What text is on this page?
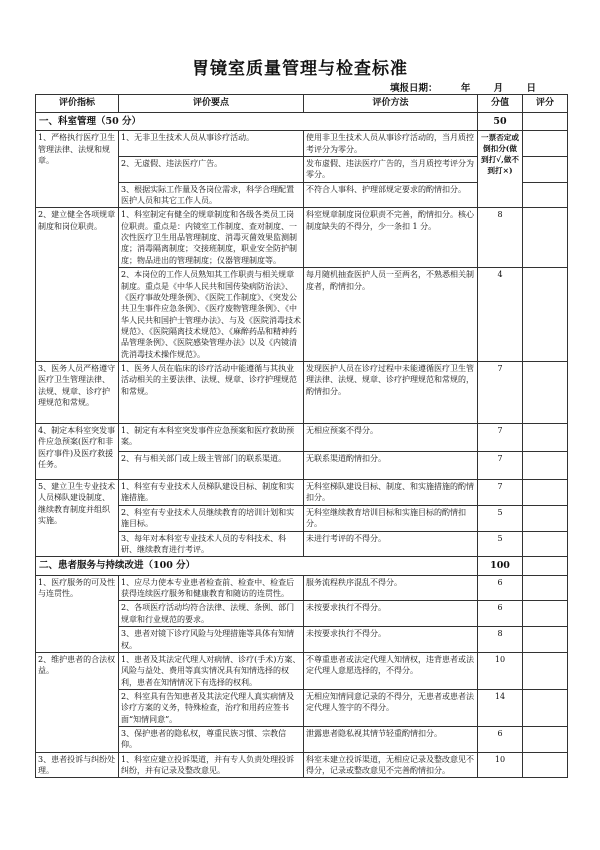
胃镜室质量管理与检查标准
填报日期： 年 月 日
评价指标	评价要点	评价方法	分值	评分
一、科室管理（50 分）			50	
1、严格执行医疗卫生管理法律、法规和规章。	1、无非卫生技术人员从事诊疗活动。	使用非卫生技术人员从事诊疗活动的，当月质控考评分为零分。	一票否定或倒扣分(做到打√,做不到打×)	
	2、无虚假、违法医疗广告。	发布虚假、违法医疗广告的，当月质控考评分为零分。		
	3、根据实际工作量及各岗位需求，科学合理配置医护人员和其它工作人员。	不符合人事科、护理部规定要求的酌情扣分。		
2、建立健全各项规章制度和岗位职责。	1、科室制定有健全的规章制度和各级各类员工岗位职责。重点是：内镜室工作制度、查对制度、一次性医疗卫生用品管理制度、消毒灭菌效果监测制度；消毒隔离制度；交接班制度，职业安全防护制度；物品进出的管理制度；仪器管理制度等。	科室规章制度岗位职责不完善，酌情扣分。核心制度缺失的不得分，少一条扣 1 分。	8	
	2、本岗位的工作人员熟知其工作职责与相关规章制度。重点是《中华人民共和国传染病防治法》、《医疗事故处理条例》、《医院工作制度》、《突发公共卫生事件应急条例》、《医疗废物管理条例》、《中华人民共和国护士管理办法》、与及《医院消毒技术规范》、《医院隔离技术规范》、《麻醉药品和精神药品管理条例》、《医院感染管理办法》以及《内镜清洗消毒技术操作规范》。	每月随机抽查医护人员一至两名，不熟悉相关制度者，酌情扣分。	4	
3、医务人员严格遵守医疗卫生管理法律、法规、规章、诊疗护理规范和常规。	1、医务人员在临床的诊疗活动中能遵循与其执业活动相关的主要法律、法规、规章、诊疗护理规范和常规。	发现医护人员在诊疗过程中未能遵循医疗卫生管理法律、法规、规章、诊疗护理规范和常规的，酌情扣分。	7	
4、制定本科室突发事件应急预案(医疗和非医疗事件)及医疗救援任务。	1、制定有本科室突发事件应急预案和医疗救助预案。	无相应预案不得分。	7	
	2、有与相关部门或上级主管部门的联系渠道。	无联系渠道酌情扣分。	7	
5、建立卫生专业技术人员梯队建设制度、继续教育制度并组织实施。	1、科室有专业技术人员梯队建设目标、制度和实施措施。	无科室梯队建设目标、制度、和实施措施的酌情扣分。	7	
	2、科室有专业技术人员继续教育的培训计划和实施目标。	无科室继续教育培训目标和实施目标的酌情扣分。	5	
	3、每年对本科室专业技术人员的专科技术、科研、继续教育进行考评。	未进行考评的不得分。	5	
二、患者服务与持续改进（100 分）			100	
1、医疗服务的可及性与连贯性。	1、应尽力使本专业患者检查前、检查中、检查后获得连续医疗服务和健康教育和随访的连贯性。	服务流程秩序混乱不得分。	6	
	2、各项医疗活动均符合法律、法规、条例、部门规章和行业规范的要求。	未按要求执行不得分。	6	
	3、患者对镜下诊疗风险与处理措施等具体有知情权。	未按要求执行不得分。	8	
2、维护患者的合法权益。	1、患者及其法定代理人对病情、诊疗(手术)方案、风险与益处、费用等真实情况具有知情选择的权利，患者在知情情况下有选择的权利。	不尊重患者或法定代理人知情权，违背患者或法定代理人意愿选择的，不得分。	10	
	2、科室具有告知患者及其法定代理人真实病情及诊疗方案的义务，特殊检查，治疗和用药应签书面“知情同意”。	无相应知情同意记录的不得分，无患者或患者法定代理人签字的不得分。	14	
	3、保护患者的隐私权，尊重民族习惯、宗教信仰。	泄露患者隐私视其情节轻重酌情扣分。	6	
3、患者投诉与纠纷处理。	1、科室应建立投诉渠道，并有专人负责处理投诉纠纷，并有记录及整改意见。	科室未建立投诉渠道，无相应记录及整改意见不得分，记录或整改意见不完善酌情扣分。	10	
